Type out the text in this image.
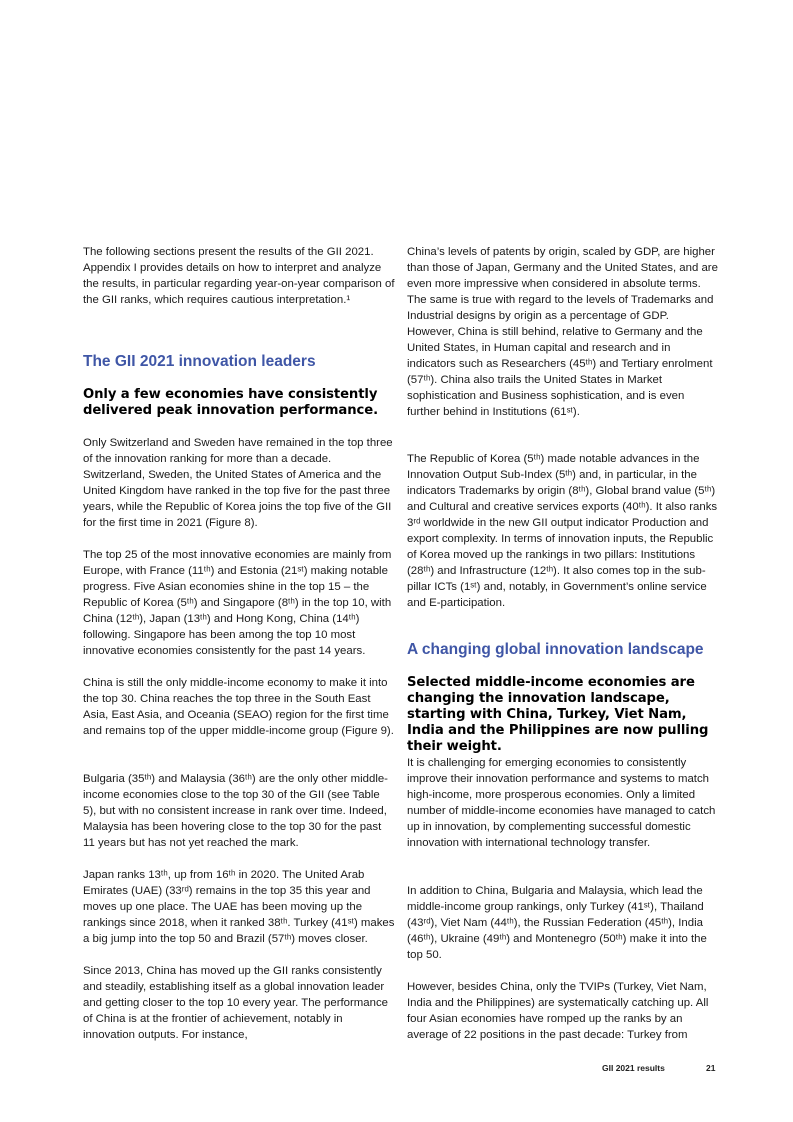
The following sections present the results of the GII 2021. Appendix I provides details on how to interpret and analyze the results, in particular regarding year-on-year comparison of the GII ranks, which requires cautious interpretation.¹

The GII 2021 innovation leaders
Only a few economies have consistently delivered peak innovation performance.

Only Switzerland and Sweden have remained in the top three of the innovation ranking for more than a decade. Switzerland, Sweden, the United States of America and the United Kingdom have ranked in the top five for the past three years, while the Republic of Korea joins the top five of the GII for the first time in 2021 (Figure 8).

The top 25 of the most innovative economies are mainly from Europe, with France (11ᵗʰ) and Estonia (21ˢᵗ) making notable progress. Five Asian economies shine in the top 15 – the Republic of Korea (5ᵗʰ) and Singapore (8ᵗʰ) in the top 10, with China (12ᵗʰ), Japan (13ᵗʰ) and Hong Kong, China (14ᵗʰ) following. Singapore has been among the top 10 most innovative economies consistently for the past 14 years.

China is still the only middle-income economy to make it into the top 30. China reaches the top three in the South East Asia, East Asia, and Oceania (SEAO) region for the first time and remains top of the upper middle-income group (Figure 9).

Bulgaria (35ᵗʰ) and Malaysia (36ᵗʰ) are the only other middle-income economies close to the top 30 of the GII (see Table 5), but with no consistent increase in rank over time. Indeed, Malaysia has been hovering close to the top 30 for the past 11 years but has not yet reached the mark.

Japan ranks 13ᵗʰ, up from 16ᵗʰ in 2020. The United Arab Emirates (UAE) (33ʳᵈ) remains in the top 35 this year and moves up one place. The UAE has been moving up the rankings since 2018, when it ranked 38ᵗʰ. Turkey (41ˢᵗ) makes a big jump into the top 50 and Brazil (57ᵗʰ) moves closer.

Since 2013, China has moved up the GII ranks consistently and steadily, establishing itself as a global innovation leader and getting closer to the top 10 every year. The performance of China is at the frontier of achievement, notably in innovation outputs. For instance,

China’s levels of patents by origin, scaled by GDP, are higher than those of Japan, Germany and the United States, and are even more impressive when considered in absolute terms. The same is true with regard to the levels of Trademarks and Industrial designs by origin as a percentage of GDP. However, China is still behind, relative to Germany and the United States, in Human capital and research and in indicators such as Researchers (45ᵗʰ) and Tertiary enrolment (57ᵗʰ). China also trails the United States in Market sophistication and Business sophistication, and is even further behind in Institutions (61ˢᵗ).

The Republic of Korea (5ᵗʰ) made notable advances in the Innovation Output Sub-Index (5ᵗʰ) and, in particular, in the indicators Trademarks by origin (8ᵗʰ), Global brand value (5ᵗʰ) and Cultural and creative services exports (40ᵗʰ). It also ranks 3ʳᵈ worldwide in the new GII output indicator Production and export complexity. In terms of innovation inputs, the Republic of Korea moved up the rankings in two pillars: Institutions (28ᵗʰ) and Infrastructure (12ᵗʰ). It also comes top in the sub-pillar ICTs (1ˢᵗ) and, notably, in Government’s online service and E-participation.

A changing global innovation landscape
Selected middle-income economies are changing the innovation landscape, starting with China, Turkey, Viet Nam, India and the Philippines are now pulling their weight.

It is challenging for emerging economies to consistently improve their innovation performance and systems to match high-income, more prosperous economies. Only a limited number of middle-income economies have managed to catch up in innovation, by complementing successful domestic innovation with international technology transfer.

In addition to China, Bulgaria and Malaysia, which lead the middle-income group rankings, only Turkey (41ˢᵗ), Thailand (43ʳᵈ), Viet Nam (44ᵗʰ), the Russian Federation (45ᵗʰ), India (46ᵗʰ), Ukraine (49ᵗʰ) and Montenegro (50ᵗʰ) make it into the top 50.

However, besides China, only the TVIPs (Turkey, Viet Nam, India and the Philippines) are systematically catching up. All four Asian economies have romped up the ranks by an average of 22 positions in the past decade: Turkey from

GII 2021 results	21
